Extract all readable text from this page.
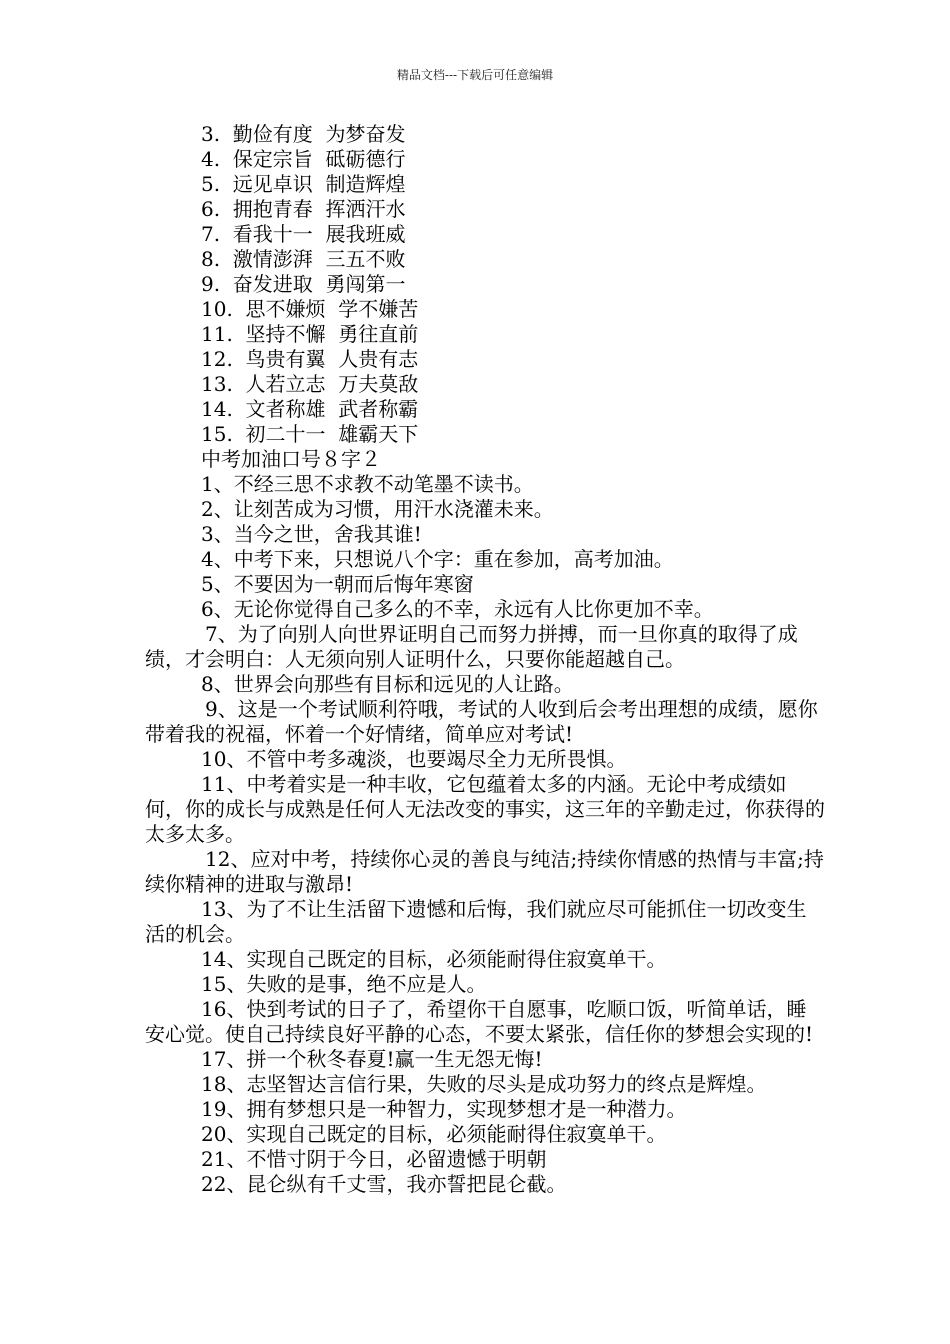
精品文档---下载后可任意编辑
3.  勤俭有度  为梦奋发
4.  保定宗旨  砥砺德行
5.  远见卓识  制造辉煌
6.  拥抱青春  挥洒汗水
7.  看我十一  展我班威
8.  激情澎湃  三五不败
9.  奋发进取  勇闯第一
10.  思不嫌烦  学不嫌苦
11.  坚持不懈  勇往直前
12.  鸟贵有翼  人贵有志
13.  人若立志  万夫莫敌
14.  文者称雄  武者称霸
15.  初二十一  雄霸天下
中考加油口号８字２
1、不经三思不求教不动笔墨不读书。
2、让刻苦成为习惯，用汗水浇灌未来。
3、当今之世，舍我其谁!
4、中考下来，只想说八个字：重在参加，高考加油。
5、不要因为一朝而后悔年寒窗
6、无论你觉得自己多么的不幸，永远有人比你更加不幸。
7、为了向别人向世界证明自己而努力拼搏，而一旦你真的取得了成绩，才会明白：人无须向别人证明什么，只要你能超越自己。
8、世界会向那些有目标和远见的人让路。
9、这是一个考试顺利符哦，考试的人收到后会考出理想的成绩，愿你带着我的祝福，怀着一个好情绪，简单应对考试!
10、不管中考多魂淡，也要竭尽全力无所畏惧。
11、中考着实是一种丰收，它包蕴着太多的内涵。无论中考成绩如何，你的成长与成熟是任何人无法改变的事实，这三年的辛勤走过，你获得的太多太多。
12、应对中考，持续你心灵的善良与纯洁;持续你情感的热情与丰富;持续你精神的进取与激昂!
13、为了不让生活留下遗憾和后悔，我们就应尽可能抓住一切改变生活的机会。
14、实现自己既定的目标，必须能耐得住寂寞单干。
15、失败的是事，绝不应是人。
16、快到考试的日子了，希望你干自愿事，吃顺口饭，听简单话，睡安心觉。使自己持续良好平静的心态，不要太紧张，信任你的梦想会实现的!
17、拼一个秋冬春夏!赢一生无怨无悔!
18、志坚智达言信行果，失败的尽头是成功努力的终点是辉煌。
19、拥有梦想只是一种智力，实现梦想才是一种潜力。
20、实现自己既定的目标，必须能耐得住寂寞单干。
21、不惜寸阴于今日，必留遗憾于明朝
22、昆仑纵有千丈雪，我亦誓把昆仑截。
